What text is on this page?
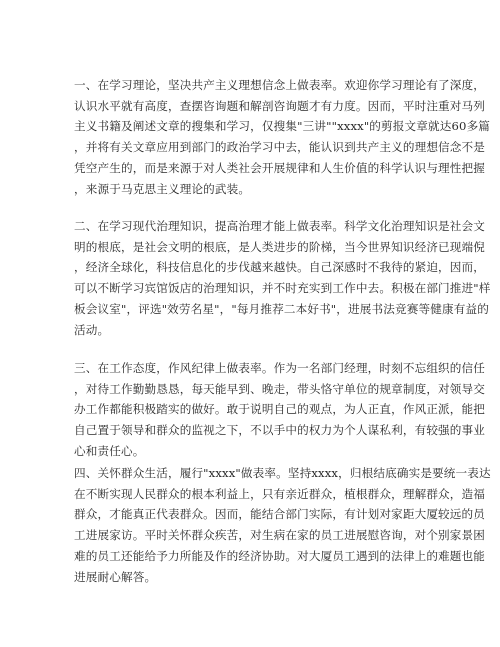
一、在学习理论，坚决共产主义理想信念上做表率。欢迎你学习理论有了深度，
认识水平就有高度，查摆咨询题和解剖咨询题才有力度。因而，平时注重对马列
主义书籍及阐述文章的搜集和学习，仅搜集"三讲""xxxx"的剪报文章就达60多篇
，并将有关文章应用到部门的政治学习中去，能认识到共产主义的理想信念不是
凭空产生的，而是来源于对人类社会开展规律和人生价值的科学认识与理性把握
，来源于马克思主义理论的武装。

二、在学习现代治理知识，提高治理才能上做表率。科学文化治理知识是社会文
明的根底，是社会文明的根底，是人类进步的阶梯，当今世界知识经济已现端倪
，经济全球化，科技信息化的步伐越来越快。自己深感时不我待的紧迫，因而，
可以不断学习宾馆饭店的治理知识，并不时充实到工作中去。积极在部门推进"样
板会议室"，评选"效劳名星"，"每月推荐二本好书"，进展书法竞赛等健康有益的
活动。

三、在工作态度，作风纪律上做表率。作为一名部门经理，时刻不忘组织的信任
，对待工作勤勤恳恳，每天能早到、晚走，带头恪守单位的规章制度，对领导交
办工作都能积极踏实的做好。敢于说明自己的观点，为人正直，作风正派，能把
自己置于领导和群众的监视之下，不以手中的权力为个人谋私利，有较强的事业
心和责任心。

四、关怀群众生活，履行"xxxx"做表率。坚持xxxx，归根结底确实是要统一表达
在不断实现人民群众的根本利益上，只有亲近群众，植根群众，理解群众，造福
群众，才能真正代表群众。因而，能结合部门实际，有计划对家距大厦较远的员
工进展家访。平时关怀群众疾苦，对生病在家的员工进展慰咨询，对个别家景困
难的员工还能给予力所能及作的经济协助。对大厦员工遇到的法律上的难题也能
进展耐心解答。
